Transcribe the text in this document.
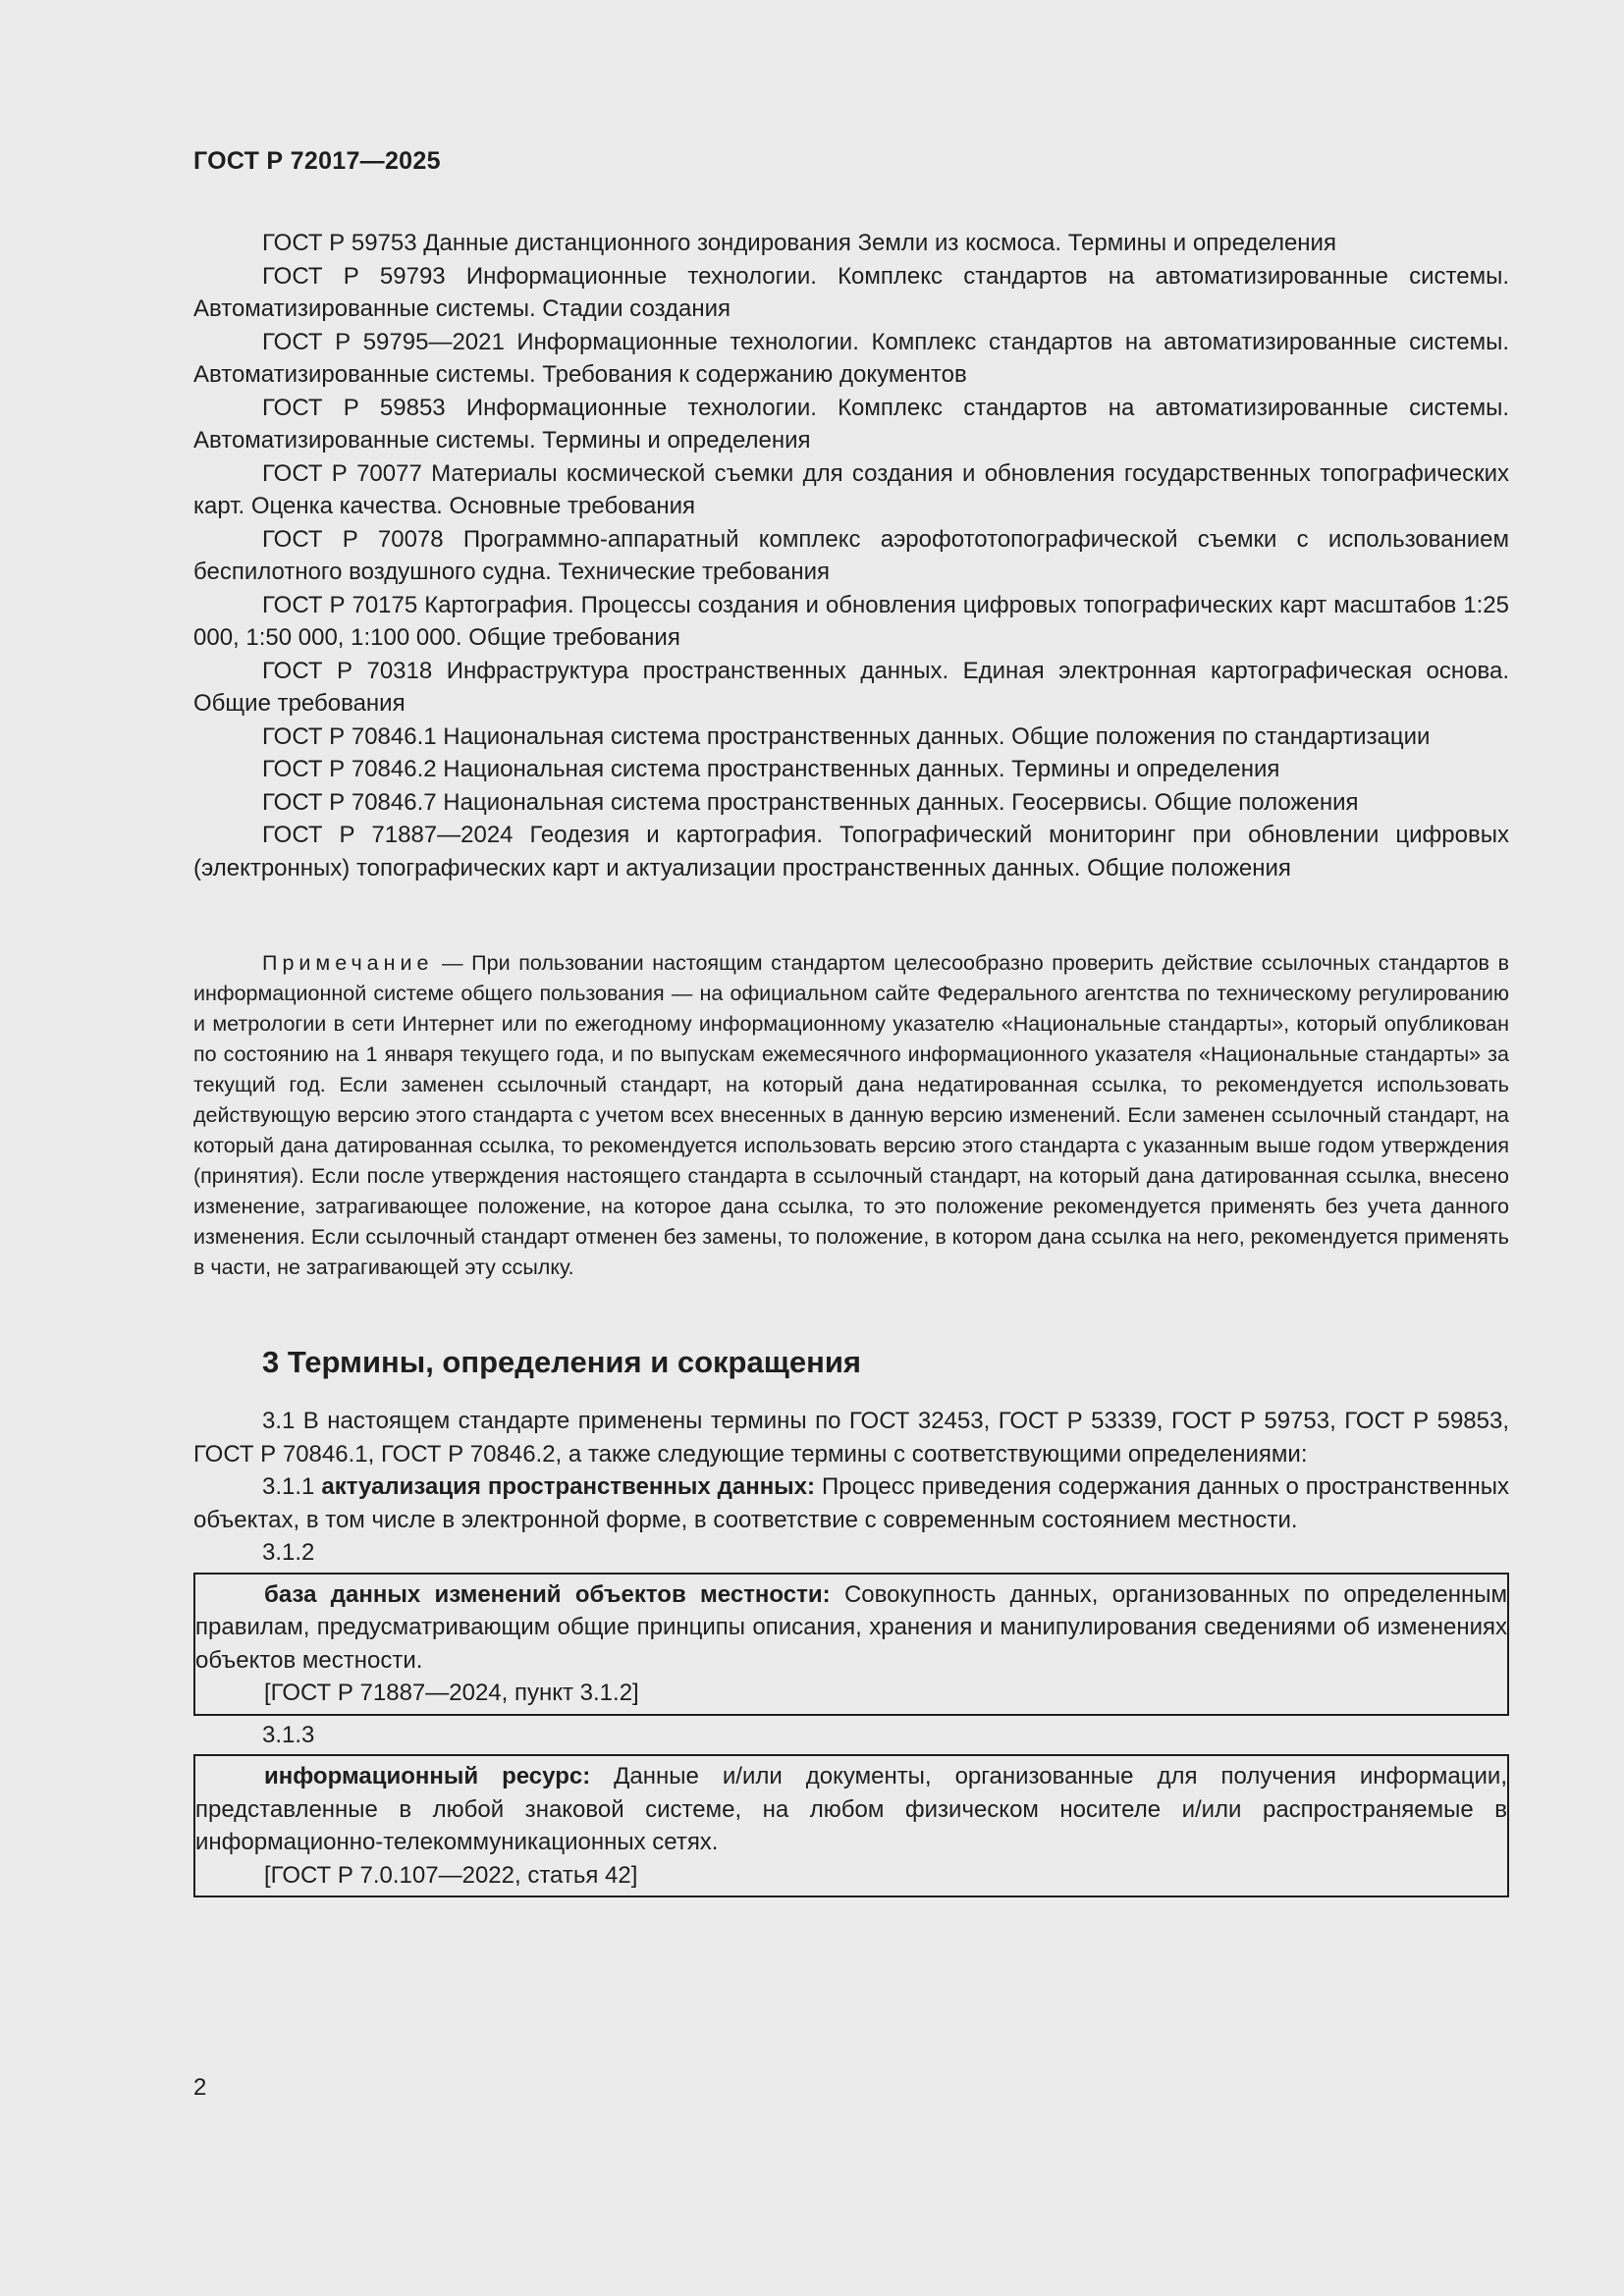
ГОСТ Р 72017—2025

ГОСТ Р 59753 Данные дистанционного зондирования Земли из космоса. Термины и определения

ГОСТ Р 59793 Информационные технологии. Комплекс стандартов на автоматизированные системы. Автоматизированные системы. Стадии создания

ГОСТ Р 59795—2021 Информационные технологии. Комплекс стандартов на автоматизированные системы. Автоматизированные системы. Требования к содержанию документов

ГОСТ Р 59853 Информационные технологии. Комплекс стандартов на автоматизированные системы. Автоматизированные системы. Термины и определения

ГОСТ Р 70077 Материалы космической съемки для создания и обновления государственных топографических карт. Оценка качества. Основные требования

ГОСТ Р 70078 Программно-аппаратный комплекс аэрофототопографической съемки с использованием беспилотного воздушного судна. Технические требования

ГОСТ Р 70175 Картография. Процессы создания и обновления цифровых топографических карт масштабов 1:25 000, 1:50 000, 1:100 000. Общие требования

ГОСТ Р 70318 Инфраструктура пространственных данных. Единая электронная картографическая основа. Общие требования

ГОСТ Р 70846.1 Национальная система пространственных данных. Общие положения по стандартизации

ГОСТ Р 70846.2 Национальная система пространственных данных. Термины и определения

ГОСТ Р 70846.7 Национальная система пространственных данных. Геосервисы. Общие положения

ГОСТ Р 71887—2024 Геодезия и картография. Топографический мониторинг при обновлении цифровых (электронных) топографических карт и актуализации пространственных данных. Общие положения

Примечание — При пользовании настоящим стандартом целесообразно проверить действие ссылочных стандартов в информационной системе общего пользования — на официальном сайте Федерального агентства по техническому регулированию и метрологии в сети Интернет или по ежегодному информационному указателю «Национальные стандарты», который опубликован по состоянию на 1 января текущего года, и по выпускам ежемесячного информационного указателя «Национальные стандарты» за текущий год. Если заменен ссылочный стандарт, на который дана недатированная ссылка, то рекомендуется использовать действующую версию этого стандарта с учетом всех внесенных в данную версию изменений. Если заменен ссылочный стандарт, на который дана датированная ссылка, то рекомендуется использовать версию этого стандарта с указанным выше годом утверждения (принятия). Если после утверждения настоящего стандарта в ссылочный стандарт, на который дана датированная ссылка, внесено изменение, затрагивающее положение, на которое дана ссылка, то это положение рекомендуется применять без учета данного изменения. Если ссылочный стандарт отменен без замены, то положение, в котором дана ссылка на него, рекомендуется применять в части, не затрагивающей эту ссылку.

3 Термины, определения и сокращения

3.1 В настоящем стандарте применены термины по ГОСТ 32453, ГОСТ Р 53339, ГОСТ Р 59753, ГОСТ Р 59853, ГОСТ Р 70846.1, ГОСТ Р 70846.2, а также следующие термины с соответствующими определениями:

3.1.1 актуализация пространственных данных: Процесс приведения содержания данных о пространственных объектах, в том числе в электронной форме, в соответствие с современным состоянием местности.

3.1.2

база данных изменений объектов местности: Совокупность данных, организованных по определенным правилам, предусматривающим общие принципы описания, хранения и манипулирования сведениями об изменениях объектов местности.

[ГОСТ Р 71887—2024, пункт 3.1.2]
3.1.3

информационный ресурс: Данные и/или документы, организованные для получения информации, представленные в любой знаковой системе, на любом физическом носителе и/или распространяемые в информационно-телекоммуникационных сетях.

[ГОСТ Р 7.0.107—2022, статья 42]
2
